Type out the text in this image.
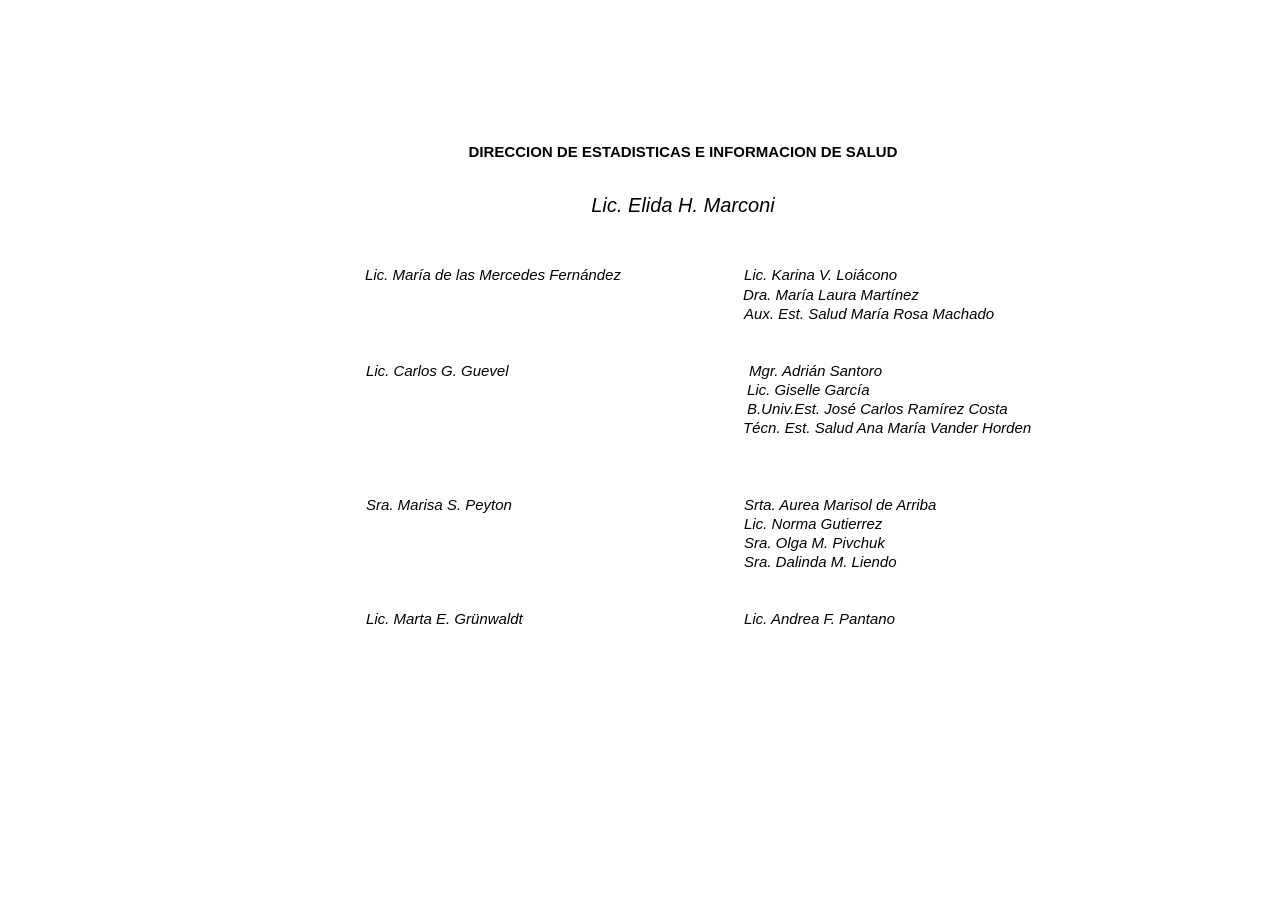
DIRECCION DE ESTADISTICAS E INFORMACION DE SALUD
Lic. Elida H. Marconi
Lic. María de las Mercedes Fernández	Lic. Karina V. Loiácono
Dra. María Laura Martínez
Aux. Est. Salud María Rosa Machado
Lic. Carlos G. Guevel	Mgr. Adrián Santoro
Lic. Giselle García
B.Univ.Est. José Carlos Ramírez Costa
Técn. Est. Salud Ana María Vander Horden
Sra. Marisa S. Peyton	Srta. Aurea Marisol de Arriba
Lic. Norma Gutierrez
Sra. Olga M. Pivchuk
Sra. Dalinda M. Liendo
Lic. Marta E. Grünwaldt	Lic. Andrea F. Pantano
